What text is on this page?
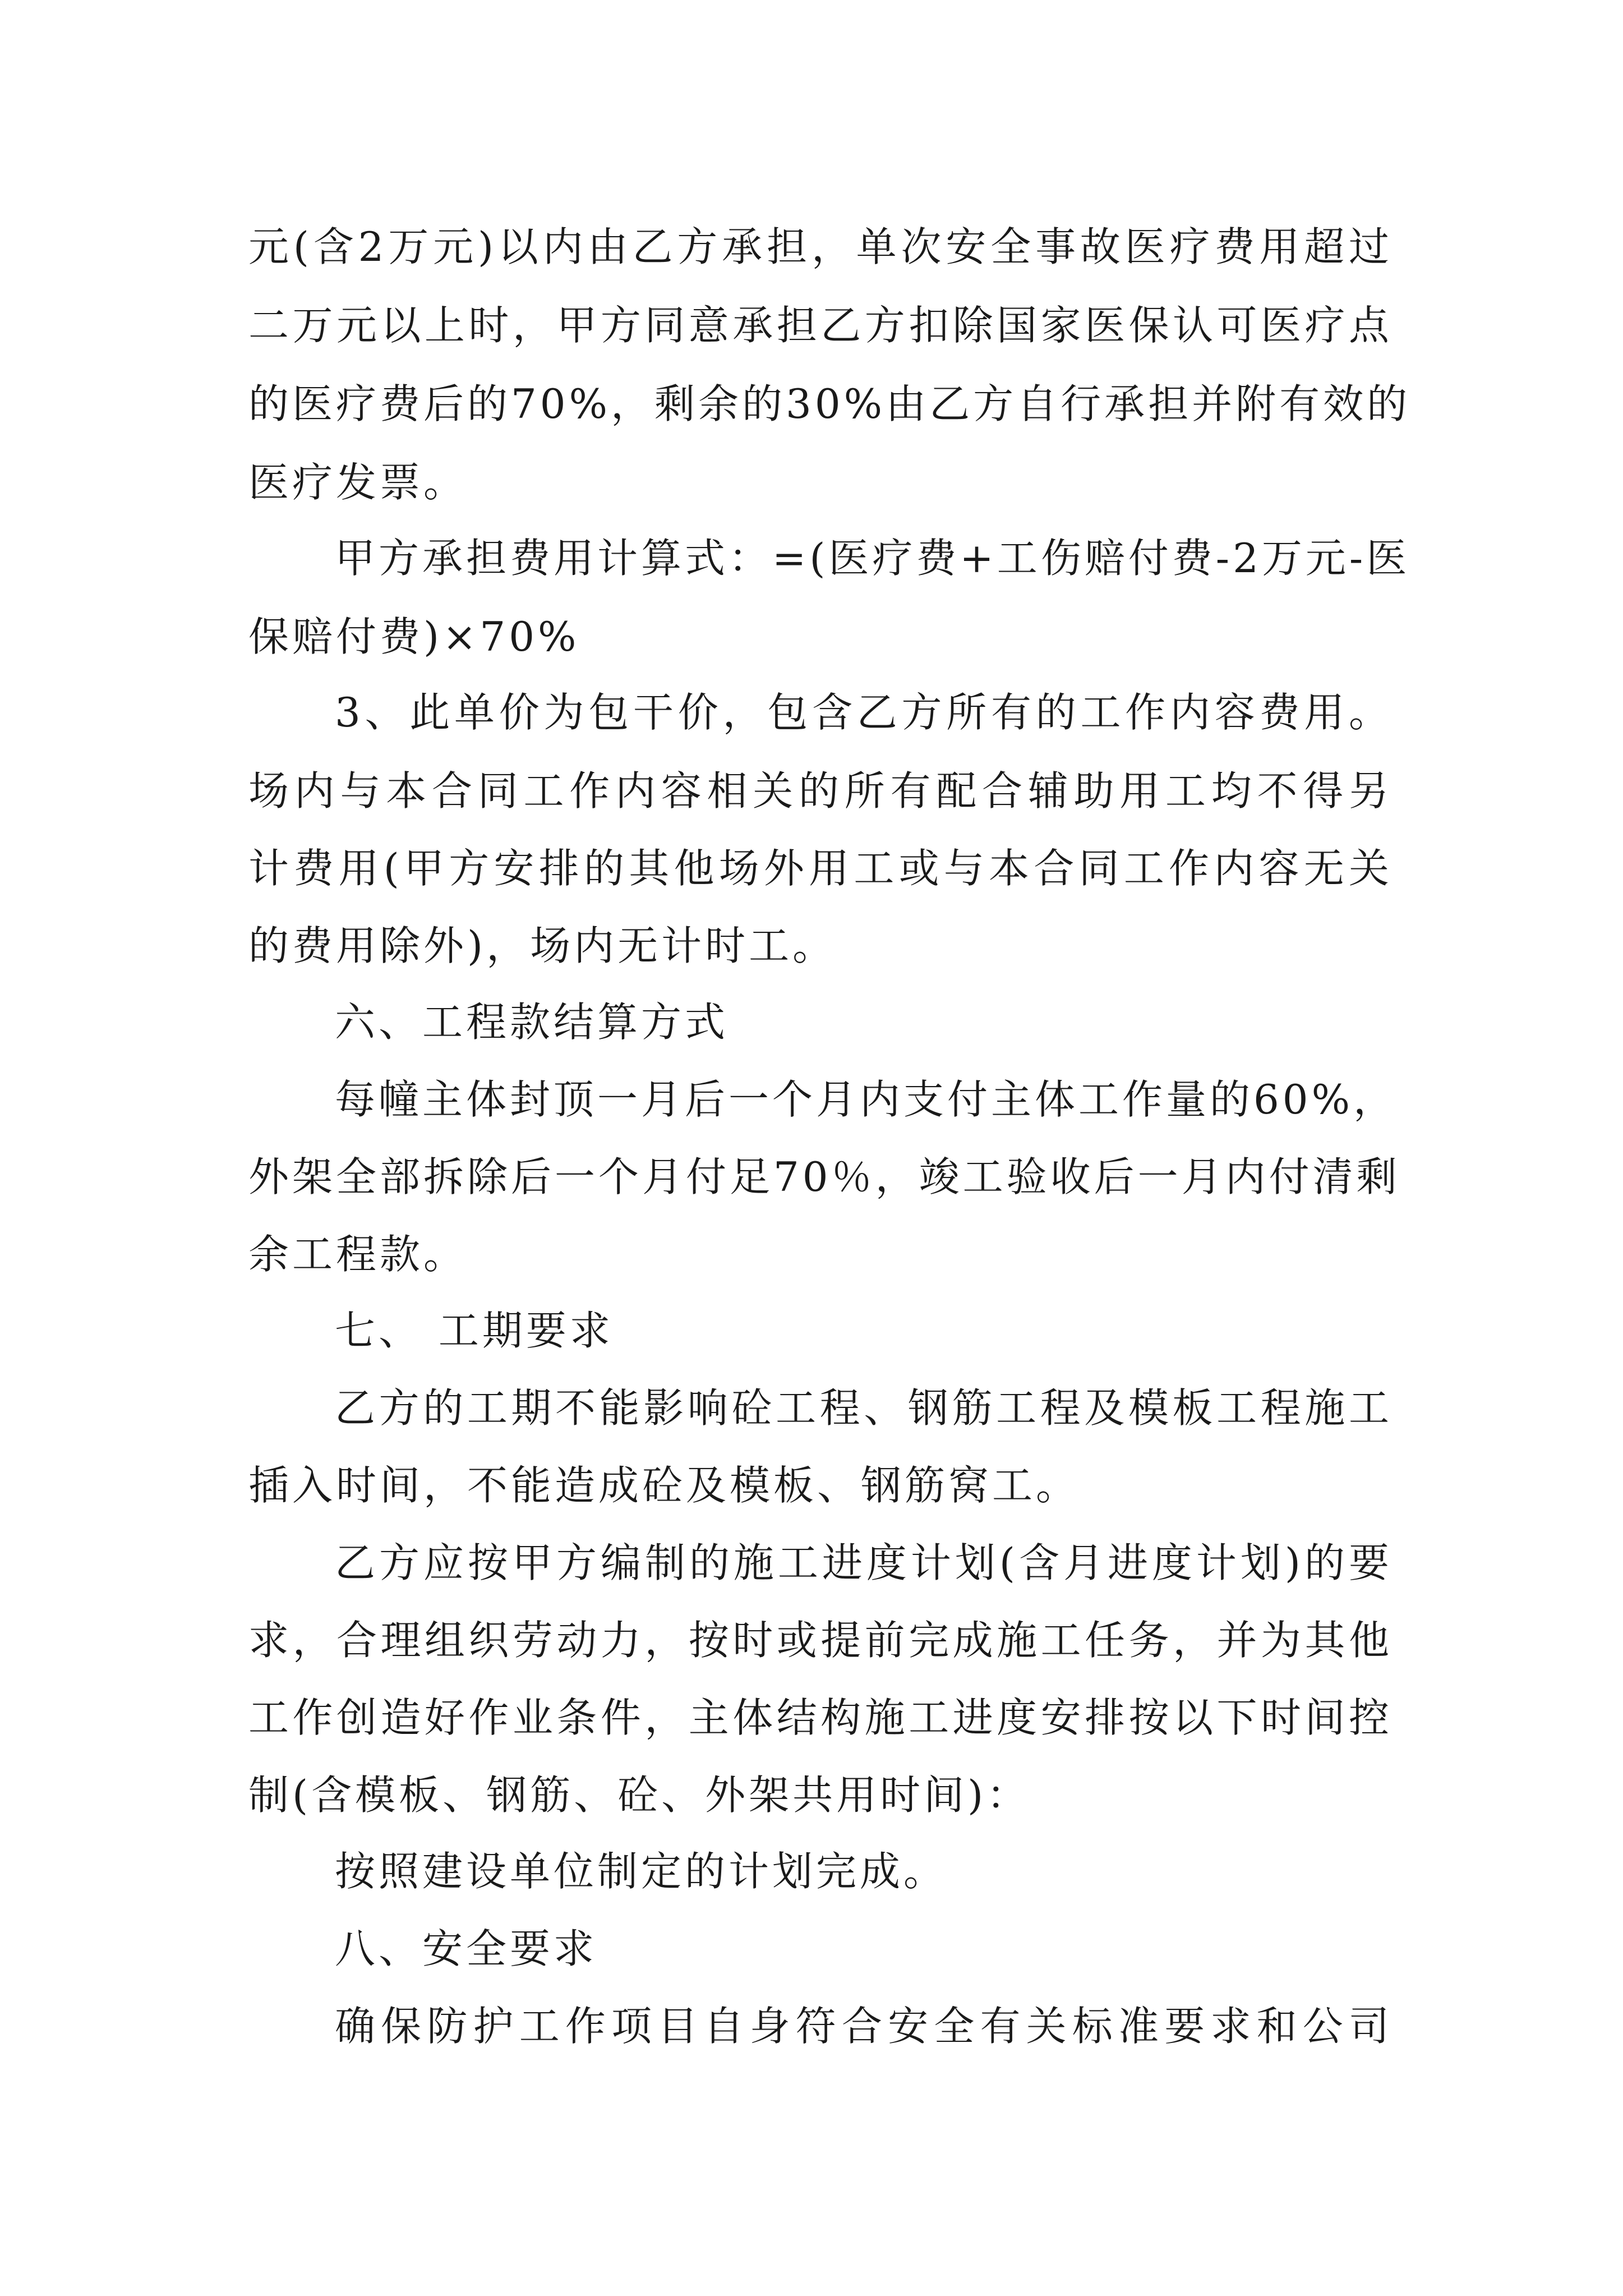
元(含2万元)以内由乙方承担，单次安全事故医疗费用超过
二万元以上时，甲方同意承担乙方扣除国家医保认可医疗点
的医疗费后的70%，剩余的30%由乙方自行承担并附有效的
医疗发票。
甲方承担费用计算式：=(医疗费+工伤赔付费-2万元-医
保赔付费)×70%
3、此单价为包干价，包含乙方所有的工作内容费用。
场内与本合同工作内容相关的所有配合辅助用工均不得另
计费用(甲方安排的其他场外用工或与本合同工作内容无关
的费用除外)，场内无计时工。
六、工程款结算方式
每幢主体封顶一月后一个月内支付主体工作量的60%，
外架全部拆除后一个月付足70％，竣工验收后一月内付清剩
余工程款。
七、 工期要求
乙方的工期不能影响砼工程、钢筋工程及模板工程施工
插入时间，不能造成砼及模板、钢筋窝工。
乙方应按甲方编制的施工进度计划(含月进度计划)的要
求，合理组织劳动力，按时或提前完成施工任务，并为其他
工作创造好作业条件，主体结构施工进度安排按以下时间控
制(含模板、钢筋、砼、外架共用时间)：
按照建设单位制定的计划完成。
八、安全要求
确保防护工作项目自身符合安全有关标准要求和公司
